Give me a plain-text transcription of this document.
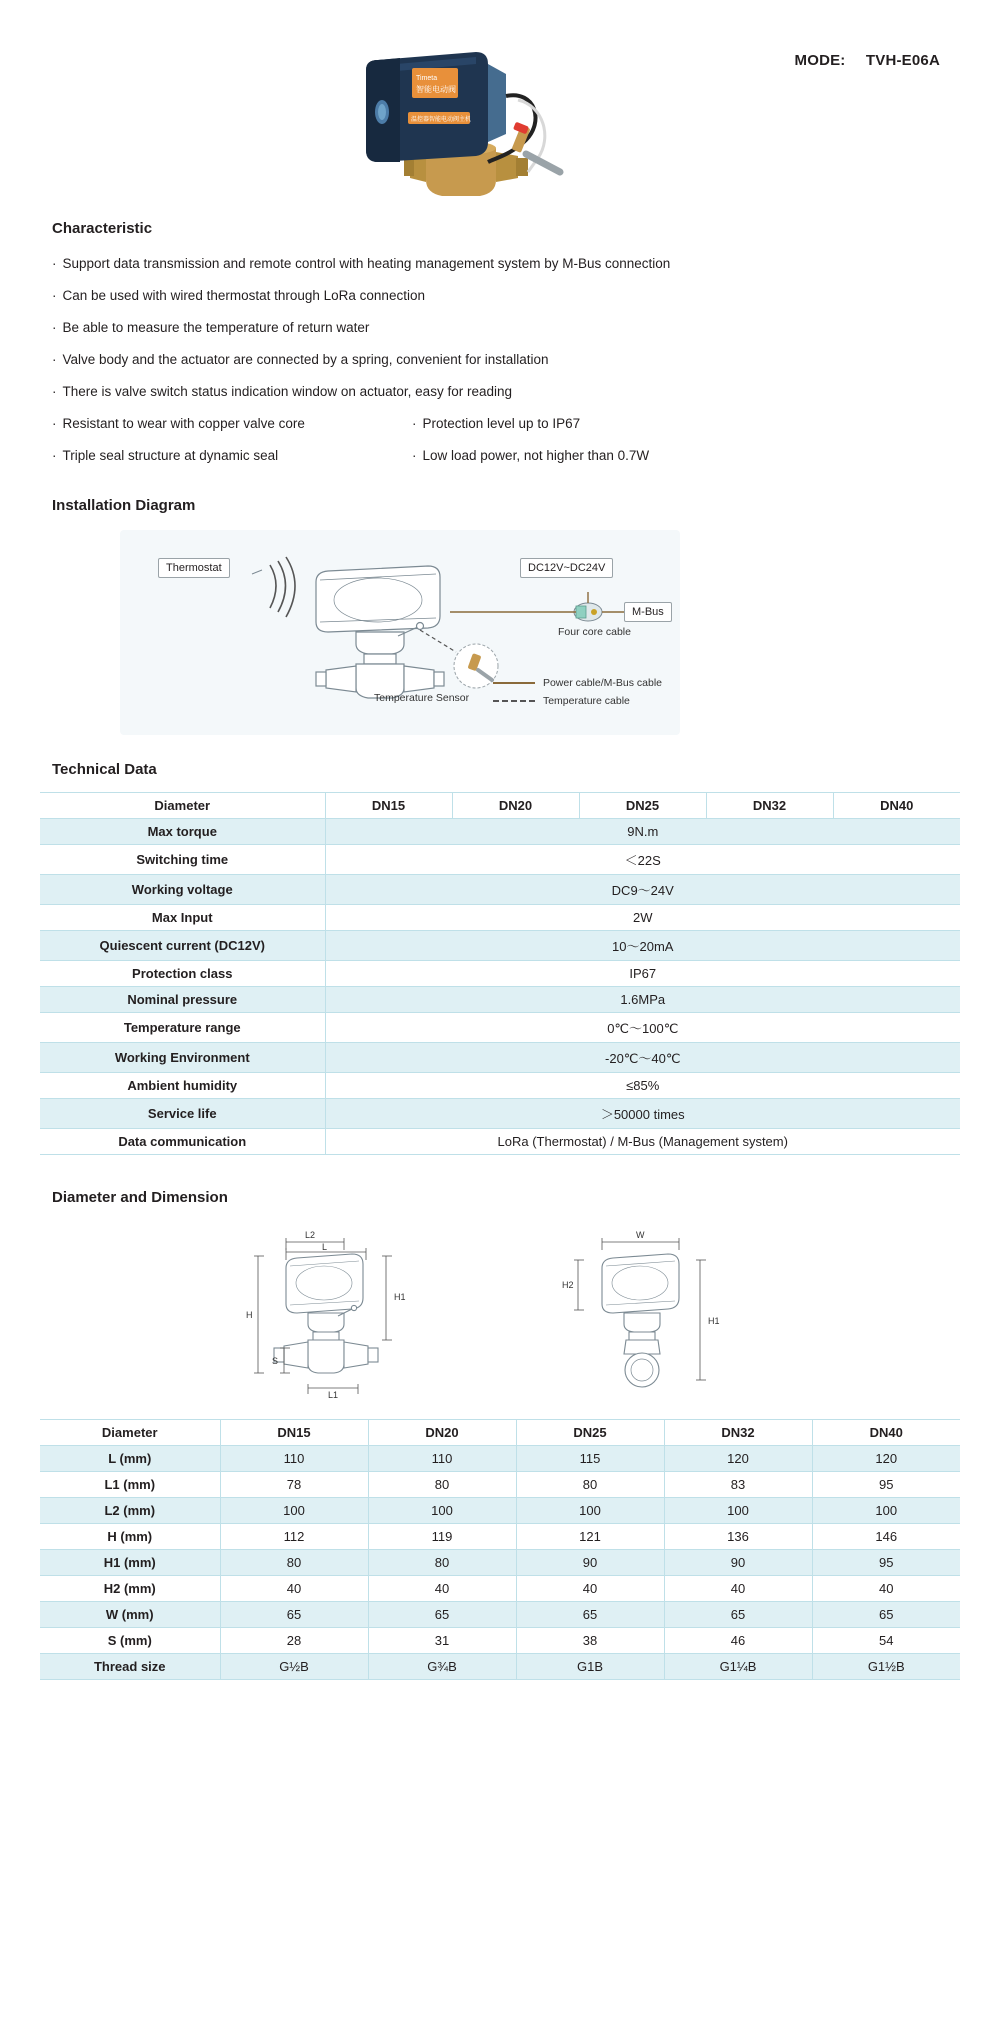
MODE: TVH-E06A
Timeta
智能电动阀
温控器智能电动阀主机
Characteristic
· Support data transmission and remote control with heating management system by M-Bus connection
· Can be used with wired thermostat through LoRa connection
· Be able to measure the temperature of return water
· Valve body and the actuator are connected by a spring, convenient for installation
· There is valve switch status indication window on actuator, easy for reading
· Resistant to wear with copper valve core	· Protection level up to IP67
· Triple seal structure at dynamic seal	· Low load power, not higher than 0.7W
Installation Diagram
Thermostat	DC12V~DC24V
M-Bus
Four core cable
Temperature Sensor
Power cable/M-Bus cable
Temperature cable
Technical Data
Diameter	DN15	DN20	DN25	DN32	DN40
Max torque	9N.m				
Switching time	＜22S				
Working voltage	DC9～24V				
Max Input	2W				
Quiescent current (DC12V)	10～20mA				
Protection class	IP67				
Nominal pressure	1.6MPa				
Temperature range	0℃～100℃				
Working Environment	-20℃～40℃				
Ambient humidity	≤85%				
Service life	＞50000 times				
Data communication	LoRa (Thermostat) / M-Bus (Management system)				
Diameter and Dimension
L2
L
H1
H
S
L1
W
H2
H1
Diameter	DN15	DN20	DN25	DN32	DN40
L (mm)	110	110	115	120	120
L1 (mm)	78	80	80	83	95
L2 (mm)	100	100	100	100	100
H (mm)	112	119	121	136	146
H1 (mm)	80	80	90	90	95
H2 (mm)	40	40	40	40	40
W (mm)	65	65	65	65	65
S (mm)	28	31	38	46	54
Thread size	G½B	G¾B	G1B	G1¼B	G1½B
